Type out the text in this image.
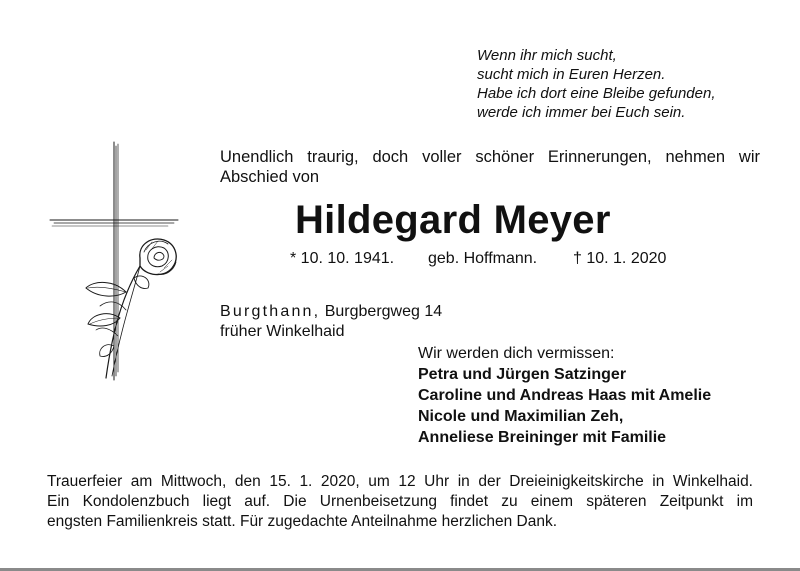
Wenn ihr mich sucht,
sucht mich in Euren Herzen.
Habe ich dort eine Bleibe gefunden,
werde ich immer bei Euch sein.
Unendlich traurig, doch voller schöner Erinnerungen, nehmen wir Abschied von
Hildegard Meyer
* 10. 10. 1941. geb. Hoffmann. † 10. 1. 2020
Burgthann, Burgbergweg 14
früher Winkelhaid
Wir werden dich vermissen:
Petra und Jürgen Satzinger
Caroline und Andreas Haas mit Amelie
Nicole und Maximilian Zeh,
Anneliese Breininger mit Familie
Trauerfeier am Mittwoch, den 15. 1. 2020, um 12 Uhr in der Dreieinigkeitskirche in Winkelhaid.
Ein Kondolenzbuch liegt auf. Die Urnenbeisetzung findet zu einem späteren Zeitpunkt im
engsten Familienkreis statt. Für zugedachte Anteilnahme herzlichen Dank.
